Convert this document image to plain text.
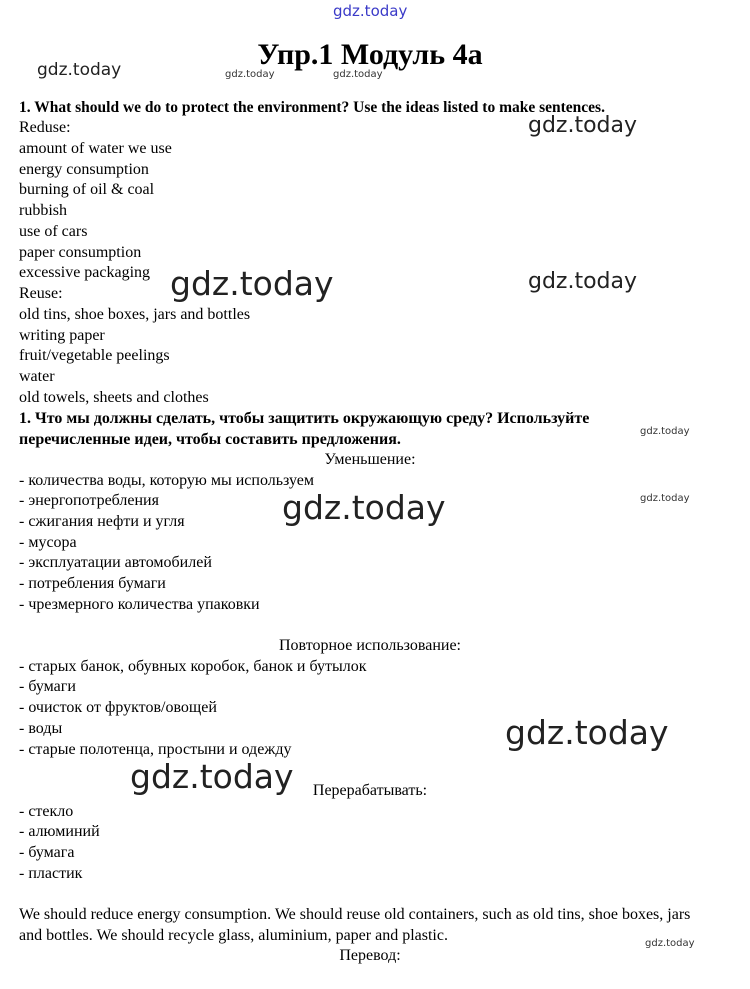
gdz.today
gdz.today	gdz.today	gdz.today
gdz.today
gdz.today	gdz.today
gdz.today
gdz.today
gdz.today
gdz.today
gdz.today
gdz.today
Упр.1 Модуль 4a
1. What should we do to protect the environment? Use the ideas listed to make sentences.
Reduse:
amount of water we use
energy consumption
burning of oil & coal
rubbish
use of cars
paper consumption
excessive packaging
Reuse:
old tins, shoe boxes, jars and bottles
writing paper
fruit/vegetable peelings
water
old towels, sheets and clothes
1. Что мы должны сделать, чтобы защитить окружающую среду? Используйте
перечисленные идеи, чтобы составить предложения.
Уменьшение:
- количества воды, которую мы используем
- энергопотребления
- сжигания нефти и угля
- мусора
- эксплуатации автомобилей
- потребления бумаги
- чрезмерного количества упаковки
Повторное использование:
- старых банок, обувных коробок, банок и бутылок
- бумаги
- очисток от фруктов/овощей
- воды
- старые полотенца, простыни и одежду
Перерабатывать:
- стекло
- алюминий
- бумага
- пластик
We should reduce energy consumption. We should reuse old containers, such as old tins, shoe boxes, jars and bottles. We should recycle glass, aluminium, paper and plastic.
Перевод:
